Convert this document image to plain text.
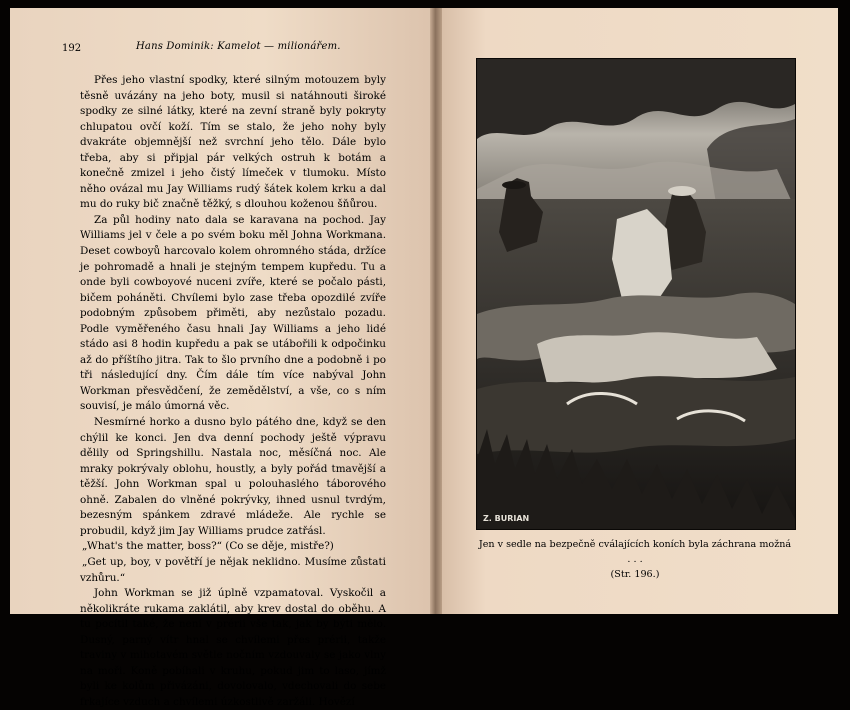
192	Hans Dominik: Kamelot — milionářem.

Přes jeho vlastní spodky, které silným motouzem byly těsně uvázány na jeho boty, musil si natáhnouti široké spodky ze silné látky, které na zevní straně byly pokryty chlupatou ovčí koží. Tím se stalo, že jeho nohy byly dvakráte objemnější než svrchní jeho tělo. Dále bylo třeba, aby si připjal pár velkých ostruh k botám a konečně zmizel i jeho čistý límeček v tlumoku. Místo něho ovázal mu Jay Williams rudý šátek kolem krku a dal mu do ruky bič značně těžký, s dlouhou koženou šňůrou.

Za půl hodiny nato dala se karavana na pochod. Jay Williams jel v čele a po svém boku měl Johna Workmana. Deset cowboyů harcovalo kolem ohromného stáda, držíce je pohromadě a hnali je stejným tempem kupředu. Tu a onde byli cowboyové nuceni zvíře, které se počalo pásti, bičem poháněti. Chvílemi bylo zase třeba opozdilé zvíře podobným způsobem přiměti, aby nezůstalo pozadu. Podle vyměřeného času hnali Jay Williams a jeho lidé stádo asi 8 hodin kupředu a pak se utábořili k odpočinku až do příštího jitra. Tak to šlo prvního dne a podobně i po tři následující dny. Čím dále tím více nabýval John Workman přesvědčení, že zemědělství, a vše, co s ním souvisí, je málo úmorná věc.

Nesmírné horko a dusno bylo pátého dne, když se den chýlil ke konci. Jen dva denní pochody ještě výpravu dělily od Springshillu. Nastala noc, měsíčná noc. Ale mraky pokrývaly oblohu, houstly, a byly pořád tmavější a těžší. John Workman spal u polouhaslého táborového ohně. Zabalen do vlněné pokrývky, ihned usnul tvrdým, bezesným spánkem zdravé mládeže. Ale rychle se probudil, když jim Jay Williams prudce zatřásl.

„What's the matter, boss?“ (Co se děje, mistře?)

„Get up, boy, v povětří je nějak neklidno. Musíme zůstati vzhůru.“

John Workman se již úplně vzpamatoval. Vyskočil a několikráte rukama zaklátil, aby krev dostal do oběhu. A tu pocítil také, že není v prérii vše tak, jak by býti mělo. Dusný, parný vítr hnal se chvílemi přes prérii, takže traviny v mihotavém světle nočním vzdouvaly se jako vlny na moři. Koně pobíhali v kruhu, pokud jim to laso, jímž byli ke kolům přivázáni, dovolovalo, vdechovali do sebe frkajíce vzduch a chvílemi úzkostlivě zaržáli. Hovězí

Z. BURIAN
Jen v sedle na bezpečně cválajících koních byla záchrana možná . . .
(Str. 196.)
